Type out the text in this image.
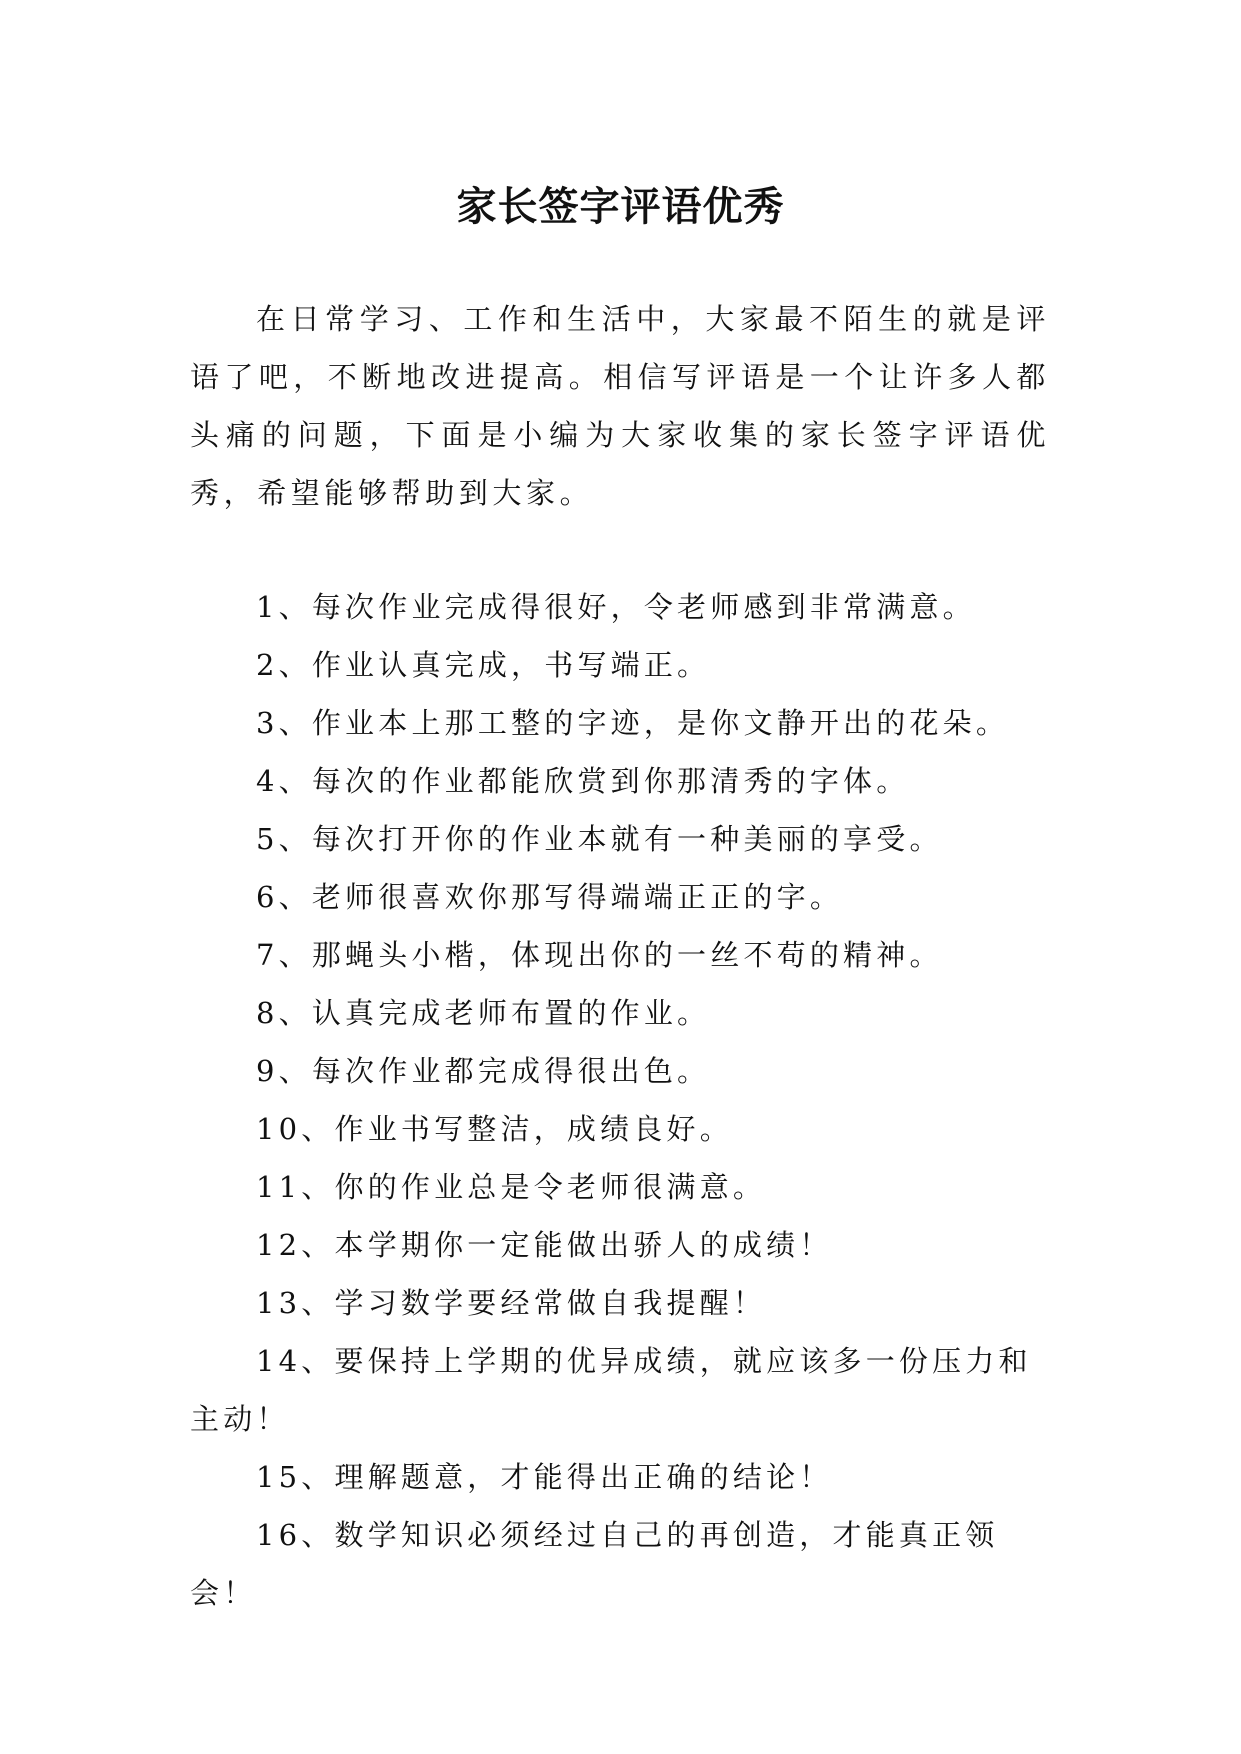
家长签字评语优秀

在日常学习、工作和生活中，大家最不陌生的就是评语了吧，不断地改进提高。相信写评语是一个让许多人都头痛的问题，下面是小编为大家收集的家长签字评语优秀，希望能够帮助到大家。

1、每次作业完成得很好，令老师感到非常满意。
2、作业认真完成，书写端正。
3、作业本上那工整的字迹，是你文静开出的花朵。
4、每次的作业都能欣赏到你那清秀的字体。
5、每次打开你的作业本就有一种美丽的享受。
6、老师很喜欢你那写得端端正正的字。
7、那蝇头小楷，体现出你的一丝不苟的精神。
8、认真完成老师布置的作业。
9、每次作业都完成得很出色。
10、作业书写整洁，成绩良好。
11、你的作业总是令老师很满意。
12、本学期你一定能做出骄人的成绩！
13、学习数学要经常做自我提醒！
14、要保持上学期的优异成绩，就应该多一份压力和主动！
15、理解题意，才能得出正确的结论！
16、数学知识必须经过自己的再创造，才能真正领会！
